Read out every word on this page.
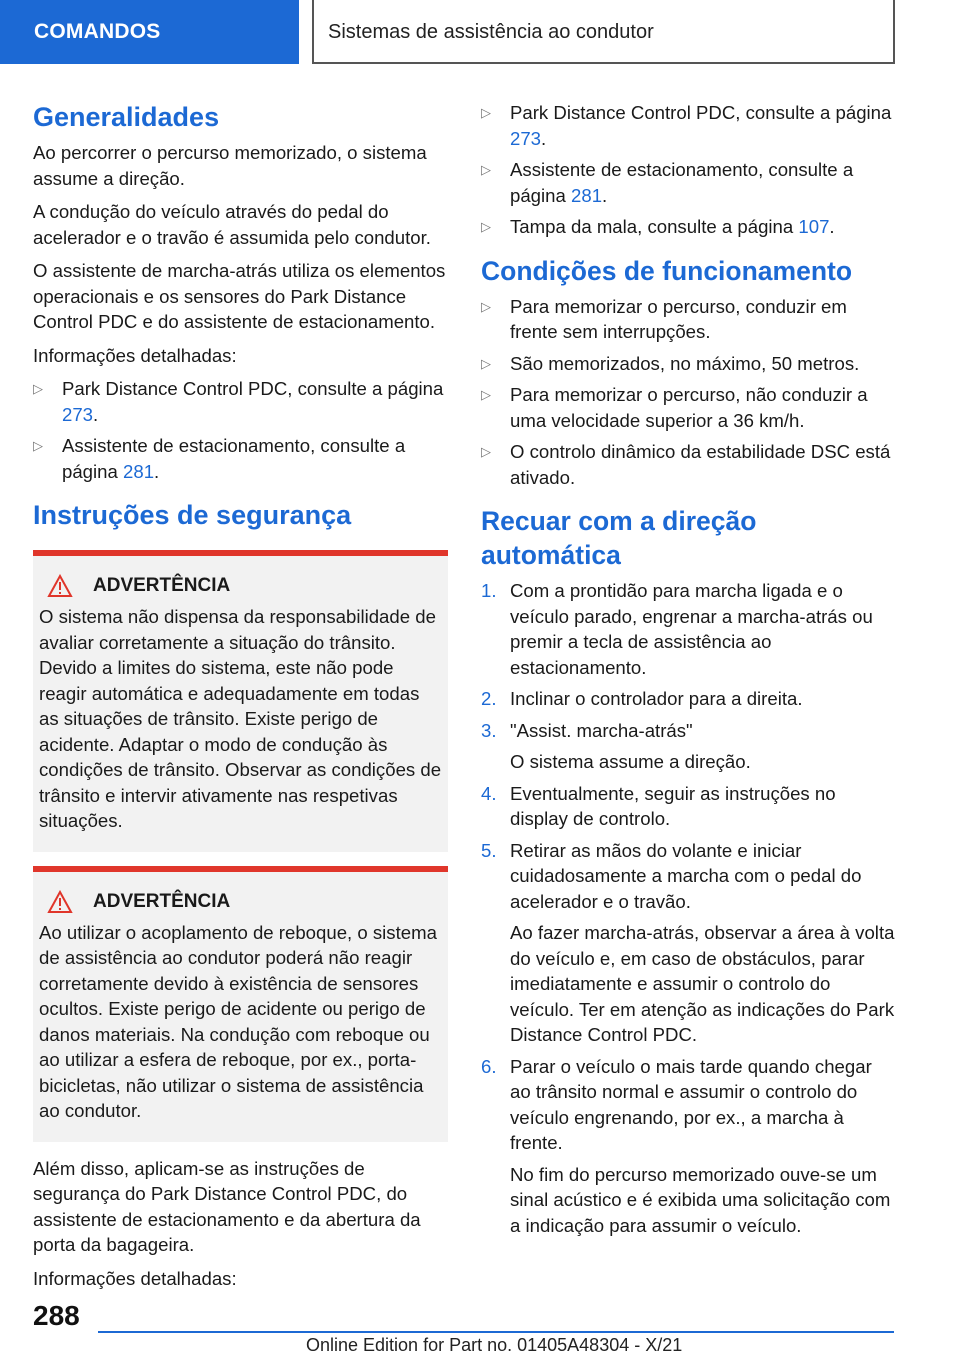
COMANDOS	Sistemas de assistência ao condutor
Generalidades

Ao percorrer o percurso memorizado, o sistema assume a direção.

A condução do veículo através do pedal do acelerador e o travão é assumida pelo condutor.

O assistente de marcha-atrás utiliza os elementos operacionais e os sensores do Park Distance Control PDC e do assistente de estacionamento.

Informações detalhadas:

▷ Park Distance Control PDC, consulte a página 273.
▷ Assistente de estacionamento, consulte a página 281.
Instruções de segurança
ADVERTÊNCIA

O sistema não dispensa da responsabilidade de avaliar corretamente a situação do trânsito. Devido a limites do sistema, este não pode reagir automática e adequadamente em todas as situações de trânsito. Existe perigo de acidente. Adaptar o modo de condução às condições de trânsito. Observar as condições de trânsito e intervir ativamente nas respetivas situações.

ADVERTÊNCIA

Ao utilizar o acoplamento de reboque, o sistema de assistência ao condutor poderá não reagir corretamente devido à existência de sensores ocultos. Existe perigo de acidente ou perigo de danos materiais. Na condução com reboque ou ao utilizar a esfera de reboque, por ex., porta-bicicletas, não utilizar o sistema de assistência ao condutor.

Além disso, aplicam-se as instruções de segurança do Park Distance Control PDC, do assistente de estacionamento e da abertura da porta da bagageira.

Informações detalhadas:

▷ Park Distance Control PDC, consulte a página 273.
▷ Assistente de estacionamento, consulte a página 281.
▷ Tampa da mala, consulte a página 107.
Condições de funcionamento
▷ Para memorizar o percurso, conduzir em frente sem interrupções.
▷ São memorizados, no máximo, 50 metros.
▷ Para memorizar o percurso, não conduzir a uma velocidade superior a 36 km/h.
▷ O controlo dinâmico da estabilidade DSC está ativado.
Recuar com a direção automática
1. Com a prontidão para marcha ligada e o veículo parado, engrenar a marcha-atrás ou premir a tecla de assistência ao estacionamento.
2. Inclinar o controlador para a direita.
3. "Assist. marcha-atrás"
O sistema assume a direção.
4. Eventualmente, seguir as instruções no display de controlo.
5. Retirar as mãos do volante e iniciar cuidadosamente a marcha com o pedal do acelerador e o travão.
Ao fazer marcha-atrás, observar a área à volta do veículo e, em caso de obstáculos, parar imediatamente e assumir o controlo do veículo. Ter em atenção as indicações do Park Distance Control PDC.
6. Parar o veículo o mais tarde quando chegar ao trânsito normal e assumir o controlo do veículo engrenando, por ex., a marcha à frente.
No fim do percurso memorizado ouve-se um sinal acústico e é exibida uma solicitação com a indicação para assumir o veículo.
288
Online Edition for Part no. 01405A48304 - X/21
